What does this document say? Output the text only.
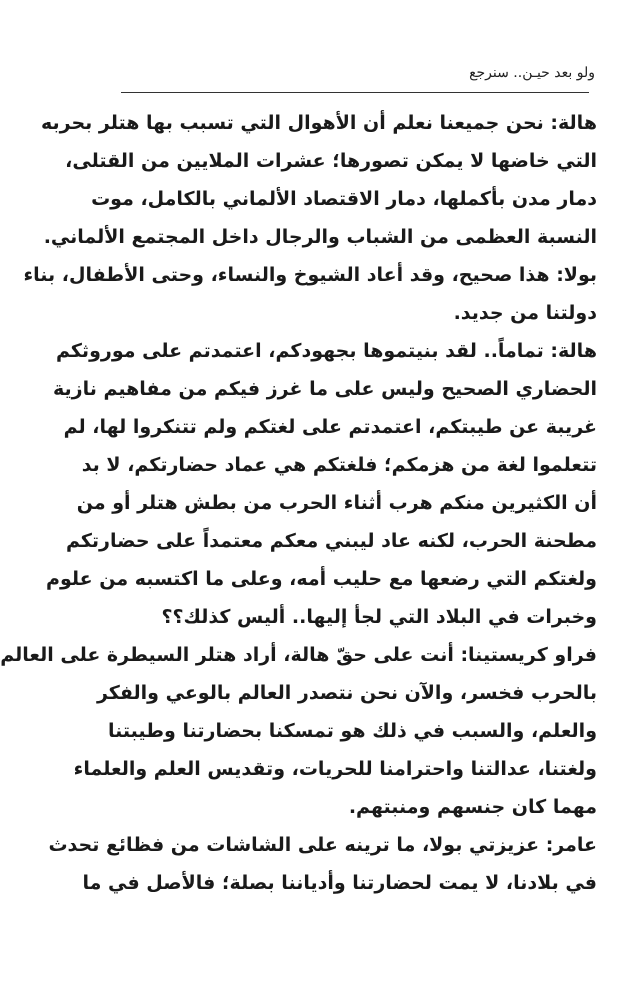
ولو بعد حيـن.. سنرجع
هالة: نحن جميعنا نعلم أن الأهوال التي تسبب بها هتلر بحربه
التي خاضها لا يمكن تصورها؛ عشرات الملايين من القتلى،
دمار مدن بأكملها، دمار الاقتصاد الألماني بالكامل، موت
النسبة العظمى من الشباب والرجال داخل المجتمع الألماني.
بولا: هذا صحيح، وقد أعاد الشيوخ والنساء، وحتى الأطفال، بناء
دولتنا من جديد.
هالة: تماماً.. لقد بنيتموها بجهودكم، اعتمدتم على موروثكم
الحضاري الصحيح وليس على ما غرز فيكم من مفاهيم نازية
غريبة عن طيبتكم، اعتمدتم على لغتكم ولم تتنكروا لها، لم
تتعلموا لغة من هزمكم؛ فلغتكم هي عماد حضارتكم، لا بد
أن الكثيرين منكم هرب أثناء الحرب من بطش هتلر أو من
مطحنة الحرب، لكنه عاد ليبني معكم معتمداً على حضارتكم
ولغتكم التي رضعها مع حليب أمه، وعلى ما اكتسبه من علوم
وخبرات في البلاد التي لجأ إليها.. أليس كذلك؟؟
فراو كريستينا: أنت على حقّ هالة، أراد هتلر السيطرة على العالم
بالحرب فخسر، والآن نحن نتصدر العالم بالوعي والفكر
والعلم، والسبب في ذلك هو تمسكنا بحضارتنا وطيبتنا
ولغتنا، عدالتنا واحترامنا للحريات، وتقديس العلم والعلماء
مهما كان جنسهم ومنبتهم.
عامر: عزيزتي بولا، ما ترينه على الشاشات من فظائع تحدث
في بلادنا، لا يمت لحضارتنا وأدياننا بصلة؛ فالأصل في ما
